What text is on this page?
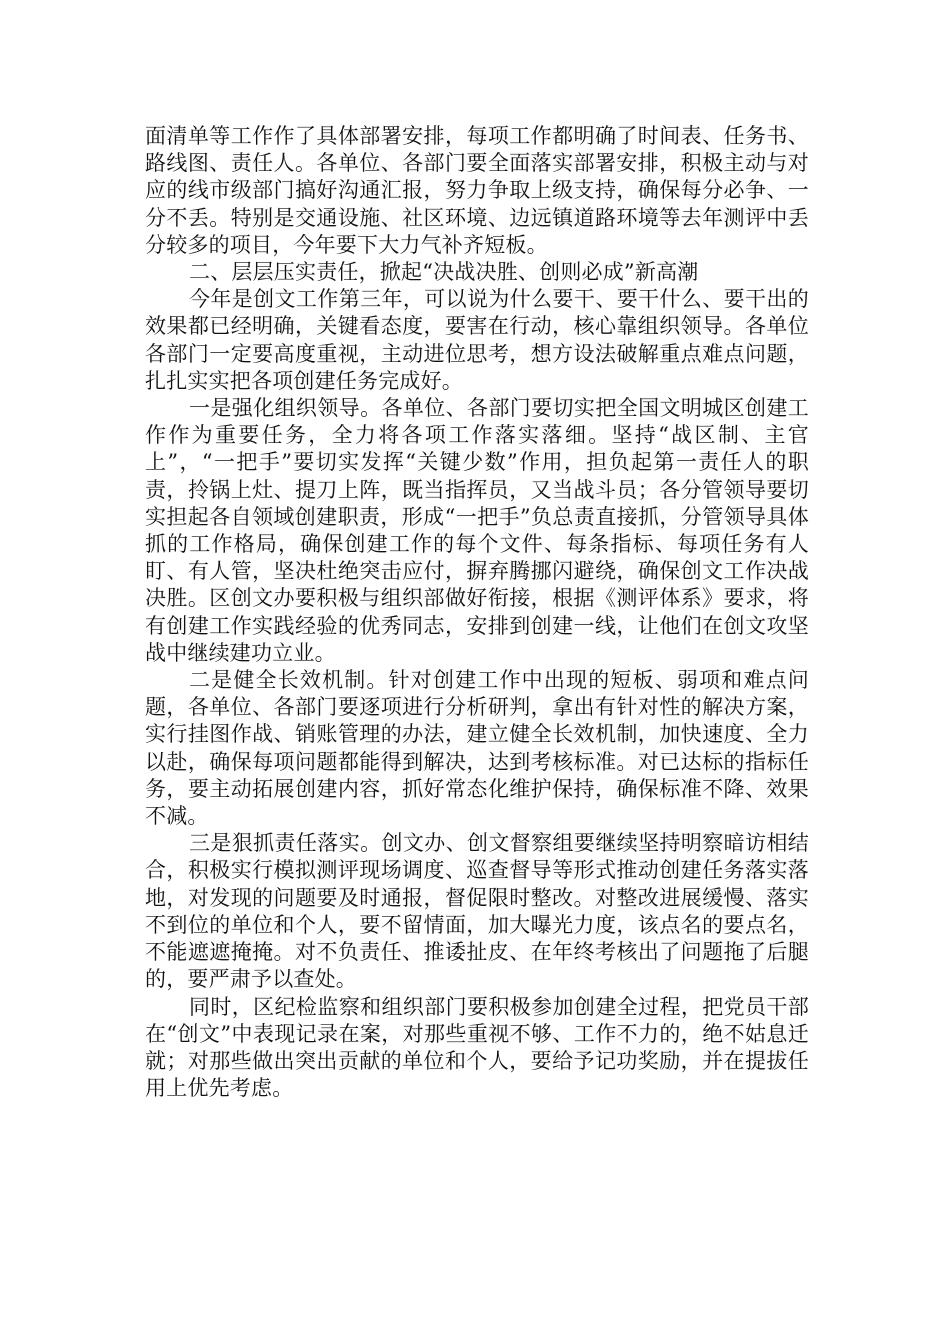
面清单等工作作了具体部署安排，每项工作都明确了时间表、任务书、路线图、责任人。各单位、各部门要全面落实部署安排，积极主动与对应的线市级部门搞好沟通汇报，努力争取上级支持，确保每分必争、一分不丢。特别是交通设施、社区环境、边远镇道路环境等去年测评中丢分较多的项目，今年要下大力气补齐短板。

二、层层压实责任，掀起“决战决胜、创则必成”新高潮

今年是创文工作第三年，可以说为什么要干、要干什么、要干出的效果都已经明确，关键看态度，要害在行动，核心靠组织领导。各单位各部门一定要高度重视，主动进位思考，想方设法破解重点难点问题，扎扎实实把各项创建任务完成好。

一是强化组织领导。各单位、各部门要切实把全国文明城区创建工作作为重要任务，全力将各项工作落实落细。坚持“战区制、主官上”，“一把手”要切实发挥“关键少数”作用，担负起第一责任人的职责，拎锅上灶、提刀上阵，既当指挥员，又当战斗员；各分管领导要切实担起各自领域创建职责，形成“一把手”负总责直接抓，分管领导具体抓的工作格局，确保创建工作的每个文件、每条指标、每项任务有人盯、有人管，坚决杜绝突击应付，摒弃腾挪闪避绕，确保创文工作决战决胜。区创文办要积极与组织部做好衔接，根据《测评体系》要求，将有创建工作实践经验的优秀同志，安排到创建一线，让他们在创文攻坚战中继续建功立业。

二是健全长效机制。针对创建工作中出现的短板、弱项和难点问题，各单位、各部门要逐项进行分析研判，拿出有针对性的解决方案，实行挂图作战、销账管理的办法，建立健全长效机制，加快速度、全力以赴，确保每项问题都能得到解决，达到考核标准。对已达标的指标任务，要主动拓展创建内容，抓好常态化维护保持，确保标准不降、效果不减。

三是狠抓责任落实。创文办、创文督察组要继续坚持明察暗访相结合，积极实行模拟测评现场调度、巡查督导等形式推动创建任务落实落地，对发现的问题要及时通报，督促限时整改。对整改进展缓慢、落实不到位的单位和个人，要不留情面，加大曝光力度，该点名的要点名，不能遮遮掩掩。对不负责任、推诿扯皮、在年终考核出了问题拖了后腿的，要严肃予以查处。

同时，区纪检监察和组织部门要积极参加创建全过程，把党员干部在“创文”中表现记录在案，对那些重视不够、工作不力的，绝不姑息迁就；对那些做出突出贡献的单位和个人，要给予记功奖励，并在提拔任用上优先考虑。
